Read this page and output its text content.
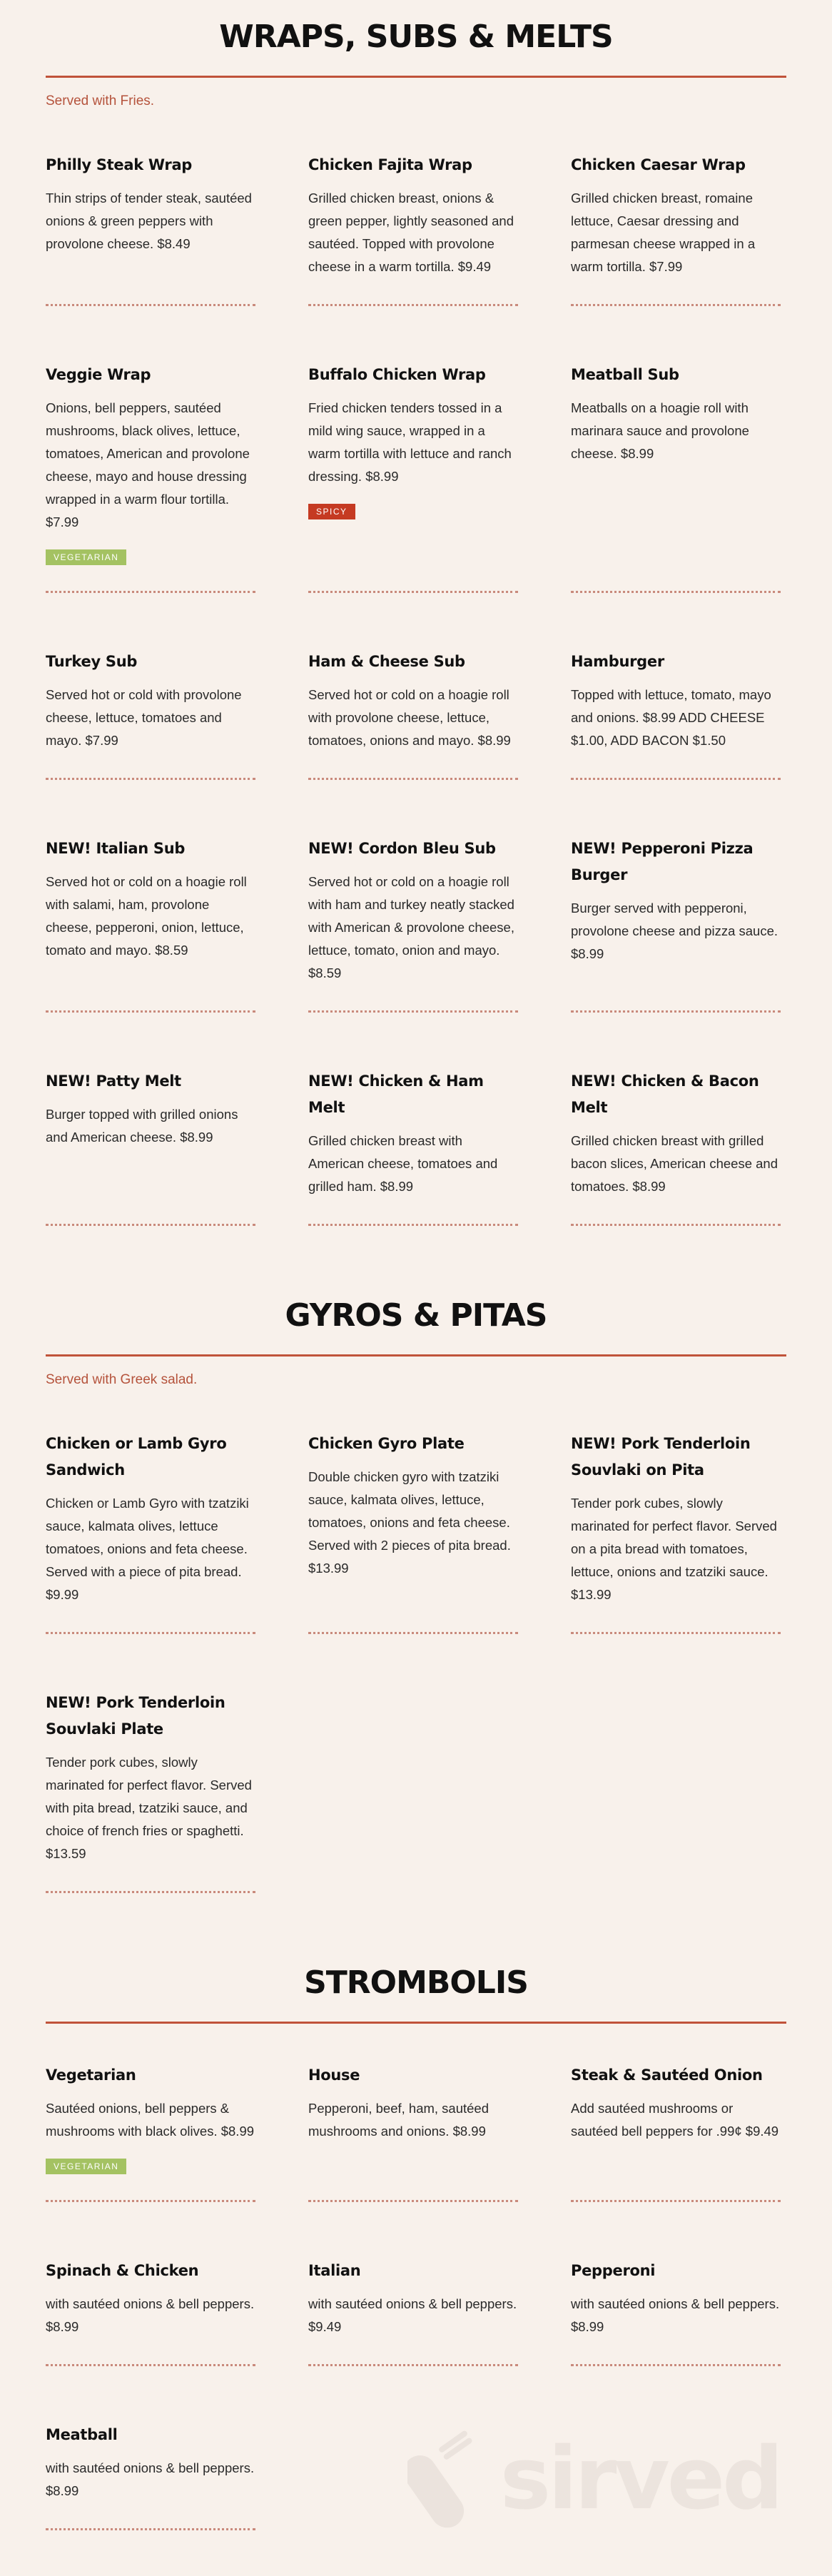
WRAPS, SUBS & MELTS
Served with Fries.
Philly Steak Wrap
Thin strips of tender steak, sautéed onions & green peppers with provolone cheese. $8.49
Chicken Fajita Wrap
Grilled chicken breast, onions & green pepper, lightly seasoned and sautéed. Topped with provolone cheese in a warm tortilla. $9.49
Chicken Caesar Wrap
Grilled chicken breast, romaine lettuce, Caesar dressing and parmesan cheese wrapped in a warm tortilla. $7.99
Veggie Wrap
Onions, bell peppers, sautéed mushrooms, black olives, lettuce, tomatoes, American and provolone cheese, mayo and house dressing wrapped in a warm flour tortilla. $7.99
VEGETARIAN
Buffalo Chicken Wrap
Fried chicken tenders tossed in a mild wing sauce, wrapped in a warm tortilla with lettuce and ranch dressing. $8.99
SPICY
Meatball Sub
Meatballs on a hoagie roll with marinara sauce and provolone cheese. $8.99
Turkey Sub
Served hot or cold with provolone cheese, lettuce, tomatoes and mayo. $7.99
Ham & Cheese Sub
Served hot or cold on a hoagie roll with provolone cheese, lettuce, tomatoes, onions and mayo. $8.99
Hamburger
Topped with lettuce, tomato, mayo and onions. $8.99 ADD CHEESE $1.00, ADD BACON $1.50
NEW! Italian Sub
Served hot or cold on a hoagie roll with salami, ham, provolone cheese, pepperoni, onion, lettuce, tomato and mayo. $8.59
NEW! Cordon Bleu Sub
Served hot or cold on a hoagie roll with ham and turkey neatly stacked with American & provolone cheese, lettuce, tomato, onion and mayo. $8.59
NEW! Pepperoni Pizza Burger
Burger served with pepperoni, provolone cheese and pizza sauce. $8.99
NEW! Patty Melt
Burger topped with grilled onions and American cheese. $8.99
NEW! Chicken & Ham Melt
Grilled chicken breast with American cheese, tomatoes and grilled ham. $8.99
NEW! Chicken & Bacon Melt
Grilled chicken breast with grilled bacon slices, American cheese and tomatoes. $8.99
GYROS & PITAS
Served with Greek salad.
Chicken or Lamb Gyro Sandwich
Chicken or Lamb Gyro with tzatziki sauce, kalmata olives, lettuce tomatoes, onions and feta cheese. Served with a piece of pita bread. $9.99
Chicken Gyro Plate
Double chicken gyro with tzatziki sauce, kalmata olives, lettuce, tomatoes, onions and feta cheese. Served with 2 pieces of pita bread. $13.99
NEW! Pork Tenderloin Souvlaki on Pita
Tender pork cubes, slowly marinated for perfect flavor. Served on a pita bread with tomatoes, lettuce, onions and tzatziki sauce. $13.99
NEW! Pork Tenderloin Souvlaki Plate
Tender pork cubes, slowly marinated for perfect flavor. Served with pita bread, tzatziki sauce, and choice of french fries or spaghetti. $13.59
STROMBOLIS
Vegetarian
Sautéed onions, bell peppers & mushrooms with black olives. $8.99
VEGETARIAN
House
Pepperoni, beef, ham, sautéed mushrooms and onions. $8.99
Steak & Sautéed Onion
Add sautéed mushrooms or sautéed bell peppers for .99¢ $9.49
Spinach & Chicken
with sautéed onions & bell peppers. $8.99
Italian
with sautéed onions & bell peppers. $9.49
Pepperoni
with sautéed onions & bell peppers. $8.99
Meatball
with sautéed onions & bell peppers. $8.99	sirved
